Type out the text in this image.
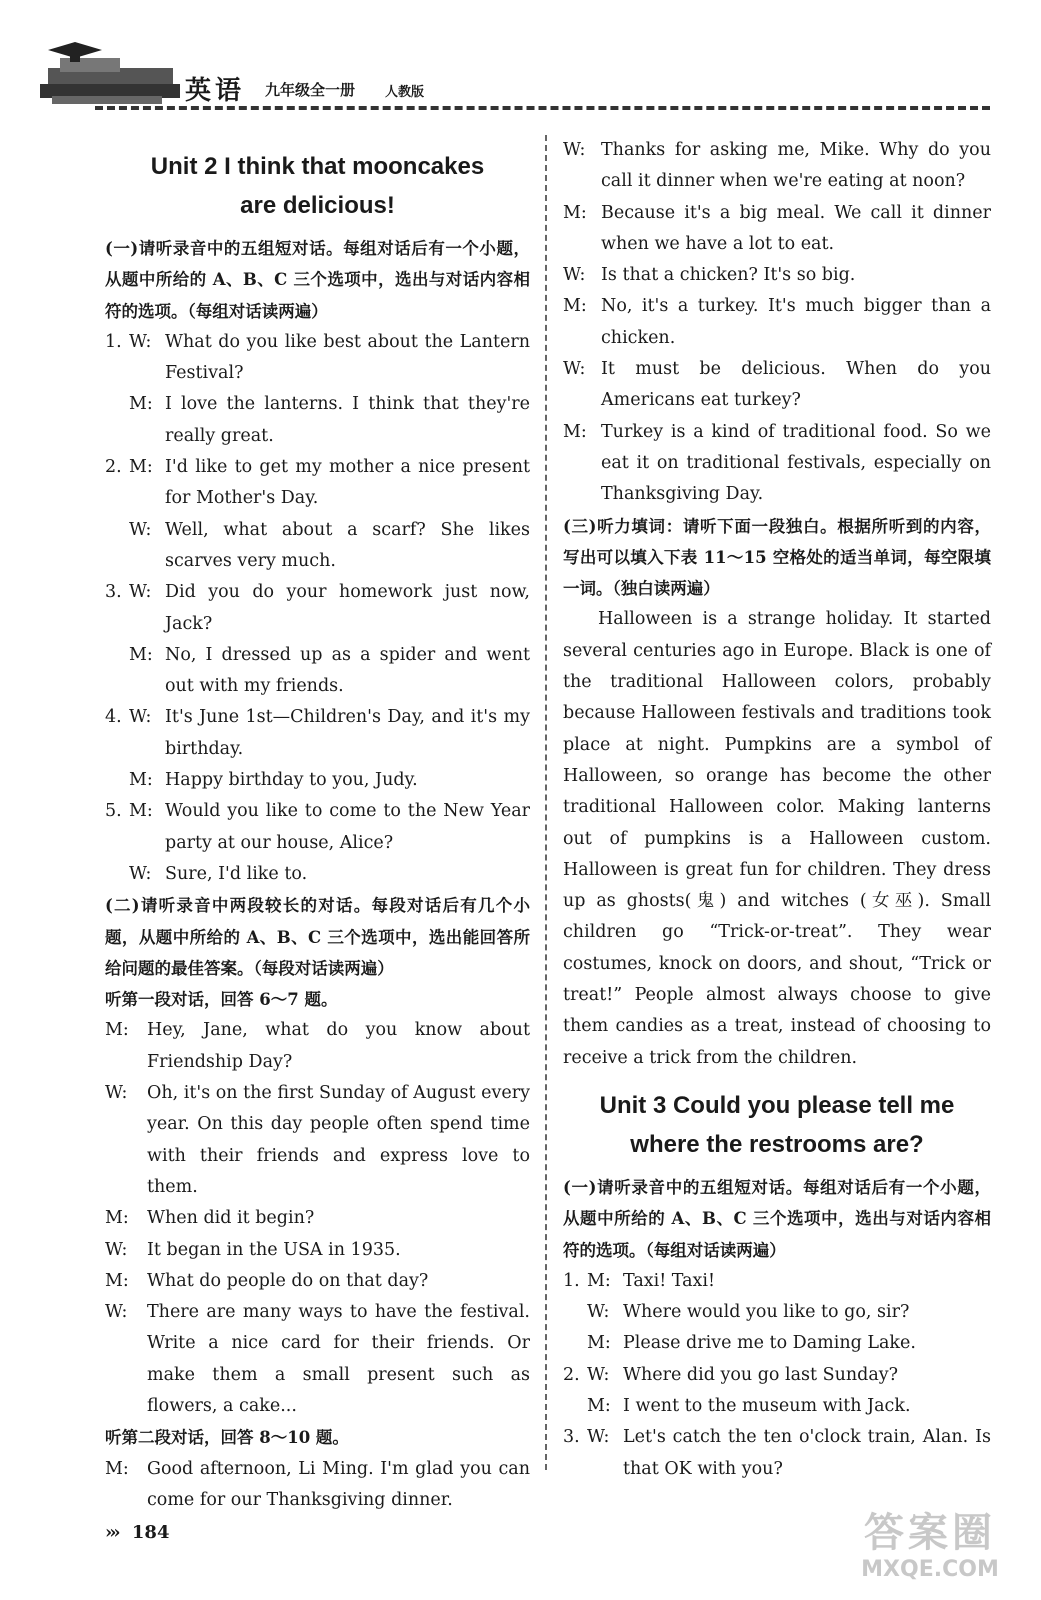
英语 九年级全一册 人教版
Unit 2 I think that mooncakes
are delicious!
(一)请听录音中的五组短对话。每组对话后有一个小题，从题中所给的 A、B、C 三个选项中，选出与对话内容相符的选项。（每组对话读两遍）
1. W: What do you like best about the Lantern Festival?
M: I love the lanterns. I think that they're really great.
2. M: I'd like to get my mother a nice present for Mother's Day.
W: Well, what about a scarf? She likes scarves very much.
3. W: Did you do your homework just now, Jack?
M: No, I dressed up as a spider and went out with my friends.
4. W: It's June 1st—Children's Day, and it's my birthday.
M: Happy birthday to you, Judy.
5. M: Would you like to come to the New Year party at our house, Alice?
W: Sure, I'd like to.
(二)请听录音中两段较长的对话。每段对话后有几个小题，从题中所给的 A、B、C 三个选项中，选出能回答所给问题的最佳答案。（每段对话读两遍）
听第一段对话，回答 6～7 题。
M: Hey, Jane, what do you know about Friendship Day?
W: Oh, it's on the first Sunday of August every year. On this day people often spend time with their friends and express love to them.
M: When did it begin?
W: It began in the USA in 1935.
M: What do people do on that day?
W: There are many ways to have the festival. Write a nice card for their friends. Or make them a small present such as flowers, a cake...
听第二段对话，回答 8～10 题。
M: Good afternoon, Li Ming. I'm glad you can come for our Thanksgiving dinner.
W: Thanks for asking me, Mike. Why do you call it dinner when we're eating at noon?
M: Because it's a big meal. We call it dinner when we have a lot to eat.
W: Is that a chicken? It's so big.
M: No, it's a turkey. It's much bigger than a chicken.
W: It must be delicious. When do you Americans eat turkey?
M: Turkey is a kind of traditional food. So we eat it on traditional festivals, especially on Thanksgiving Day.
(三)听力填词：请听下面一段独白。根据所听到的内容，写出可以填入下表 11～15 空格处的适当单词，每空限填一词。（独白读两遍）
Halloween is a strange holiday. It started several centuries ago in Europe. Black is one of the traditional Halloween colors, probably because Halloween festivals and traditions took place at night. Pumpkins are a symbol of Halloween, so orange has become the other traditional Halloween color. Making lanterns out of pumpkins is a Halloween custom. Halloween is great fun for children. They dress up as ghosts(鬼) and witches (女巫). Small children go “Trick-or-treat”. They wear costumes, knock on doors, and shout, “Trick or treat!” People almost always choose to give them candies as a treat, instead of choosing to receive a trick from the children.
Unit 3 Could you please tell me
where the restrooms are?
(一)请听录音中的五组短对话。每组对话后有一个小题，从题中所给的 A、B、C 三个选项中，选出与对话内容相符的选项。（每组对话读两遍）
1. M: Taxi! Taxi!
W: Where would you like to go, sir?
M: Please drive me to Daming Lake.
2. W: Where did you go last Sunday?
M: I went to the museum with Jack.
3. W: Let's catch the ten o'clock train, Alan. Is that OK with you?
››› 184	答案圈
MXQE.COM
